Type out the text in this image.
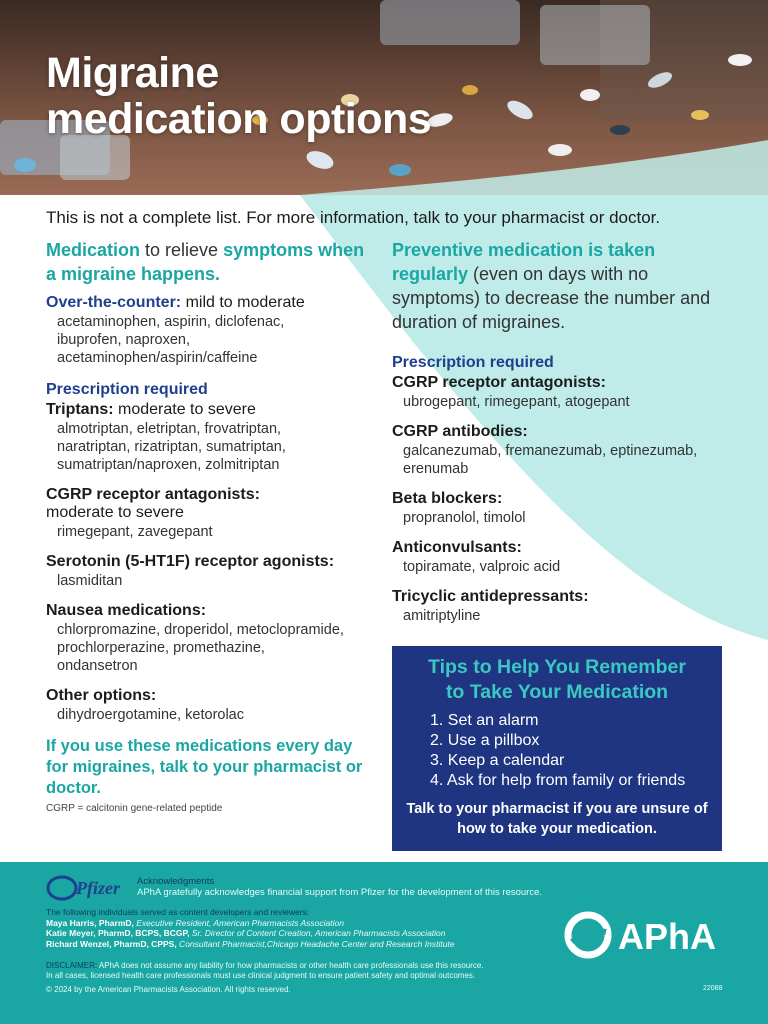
Migraine
medication options
This is not a complete list. For more information, talk to your pharmacist or doctor.

Medication to relieve symptoms when a migraine happens.

Over-the-counter: mild to moderate

acetaminophen, aspirin, diclofenac,
ibuprofen, naproxen,
acetaminophen/aspirin/caffeine

Prescription required

Triptans: moderate to severe

almotriptan, eletriptan, frovatriptan,
naratriptan, rizatriptan, sumatriptan,
sumatriptan/naproxen, zolmitriptan

CGRP receptor antagonists:

moderate to severe

rimegepant, zavegepant

Serotonin (5-HT1F) receptor agonists:

lasmiditan

Nausea medications:

chlorpromazine, droperidol, metoclopramide,
prochlorperazine, promethazine,
ondansetron

Other options:

dihydroergotamine, ketorolac

If you use these medications every day for migraines, talk to your pharmacist or doctor.

CGRP = calcitonin gene-related peptide

Preventive medication is taken regularly (even on days with no symptoms) to decrease the number and duration of migraines.

Prescription required

CGRP receptor antagonists:

ubrogepant, rimegepant, atogepant

CGRP antibodies:

galcanezumab, fremanezumab, eptinezumab,
erenumab

Beta blockers:

propranolol, timolol

Anticonvulsants:

topiramate, valproic acid

Tricyclic antidepressants:

amitriptyline

Tips to Help You Remember
to Take Your Medication

1. Set an alarm
2. Use a pillbox
3. Keep a calendar
4. Ask for help from family or friends
Talk to your pharmacist if you are unsure of how to take your medication.
Pfizer Acknowledgments
APhA gratefully acknowledges financial support from Pfizer for the development of this resource.
The following individuals served as content developers and reviewers:
Maya Harris, PharmD, Executive Resident, American Pharmacists Association
Katie Meyer, PharmD, BCPS, BCGP, Sr. Director of Content Creation, American Pharmacists Association
Richard Wenzel, PharmD, CPPS, Consultant Pharmacist,Chicago Headache Center and Research Institute
DISCLAIMER: APhA does not assume any liability for how pharmacists or other health care professionals use this resource.
In all cases, licensed health care professionals must use clinical judgment to ensure patient safety and optimal outcomes.
© 2024 by the American Pharmacists Association. All rights reserved.	22088
APhA
